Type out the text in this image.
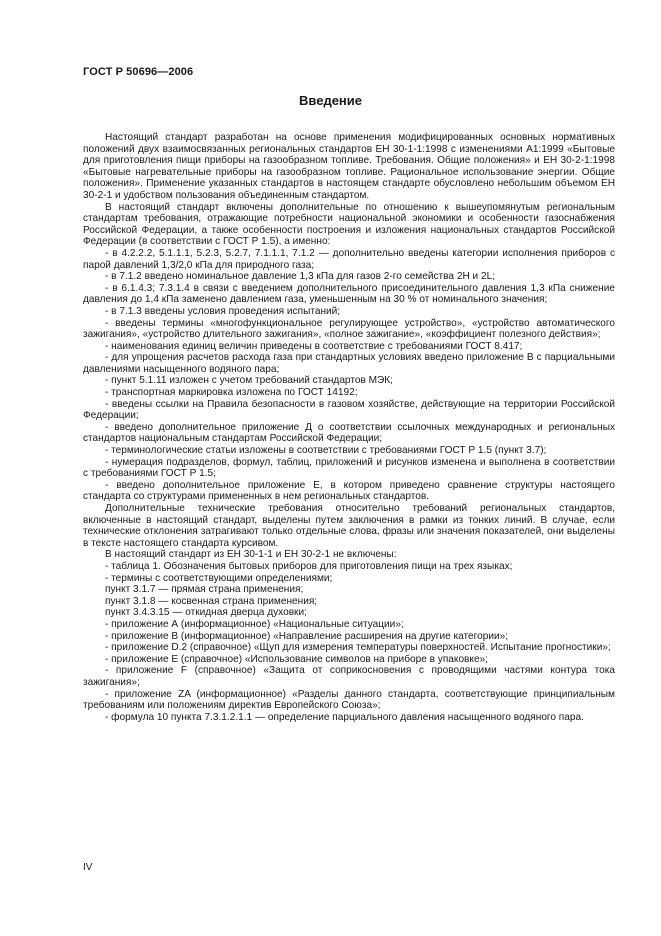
ГОСТ Р 50696—2006
Введение

Настоящий стандарт разработан на основе применения модифицированных основных нормативных положений двух взаимосвязанных региональных стандартов ЕН 30-1-1:1998 с изменениями А1:1999 «Бытовые для приготовления пищи приборы на газообразном топливе. Требования. Общие положения» и ЕН 30-2-1:1998 «Бытовые нагревательные приборы на газообразном топливе. Рациональное использование энергии. Общие положения». Применение указанных стандартов в настоящем стандарте обусловлено небольшим объемом ЕН 30-2-1 и удобством пользования объединенным стандартом.

В настоящий стандарт включены дополнительные по отношению к вышеупомянутым региональным стандартам требования, отражающие потребности национальной экономики и особенности газоснабжения Российской Федерации, а также особенности построения и изложения национальных стандартов Российской Федерации (в соответствии с ГОСТ Р 1.5), а именно:

- в 4.2.2.2, 5.1.1.1, 5.2.3, 5.2.7, 7.1.1.1, 7.1.2 — дополнительно введены категории исполнения приборов с парой давлений 1,3/2,0 кПа для природного газа;

- в 7.1.2 введено номинальное давление 1,3 кПа для газов 2-го семейства 2Н и 2L;

- в 6.1.4.3; 7.3.1.4 в связи с введением дополнительного присоединительного давления 1,3 кПа снижение давления до 1,4 кПа заменено давлением газа, уменьшенным на 30 % от номинального значения;

- в 7.1.3 введены условия проведения испытаний;

- введены термины «многофункциональное регулирующее устройство», «устройство автоматического зажигания», «устройство длительного зажигания», «полное зажигание», «коэффициент полезного действия»;

- наименования единиц величин приведены в соответствие с требованиями ГОСТ 8.417;

- для упрощения расчетов расхода газа при стандартных условиях введено приложение В с парциальными давлениями насыщенного водяного пара;

- пункт 5.1.11 изложен с учетом требований стандартов МЭК;

- транспортная маркировка изложена по ГОСТ 14192;

- введены ссылки на Правила безопасности в газовом хозяйстве, действующие на территории Российской Федерации;

- введено дополнительное приложение Д о соответствии ссылочных международных и региональных стандартов национальным стандартам Российской Федерации;

- терминологические статьи изложены в соответствии с требованиями ГОСТ Р 1.5 (пункт 3.7);

- нумерация подразделов, формул, таблиц, приложений и рисунков изменена и выполнена в соответствии с требованиями ГОСТ Р 1.5;

- введено дополнительное приложение Е, в котором приведено сравнение структуры настоящего стандарта со структурами примененных в нем региональных стандартов.

Дополнительные технические требования относительно требований региональных стандартов, включенные в настоящий стандарт, выделены путем заключения в рамки из тонких линий. В случае, если технические отклонения затрагивают только отдельные слова, фразы или значения показателей, они выделены в тексте настоящего стандарта курсивом.

В настоящий стандарт из ЕН 30-1-1 и ЕН 30-2-1 не включены:

- таблица 1. Обозначения бытовых приборов для приготовления пищи на трех языках;

- термины с соответствующими определениями;

пункт 3.1.7 — прямая страна применения;

пункт 3.1.8 — косвенная страна применения;

пункт 3.4.3.15 — откидная дверца духовки;

- приложение А (информационное) «Национальные ситуации»;

- приложение В (информационное) «Направление расширения на другие категории»;

- приложение D.2 (справочное) «Щуп для измерения температуры поверхностей. Испытание прогностики»;

- приложение Е (справочное) «Использование символов на приборе в упаковке»;

- приложение F (справочное) «Защита от соприкосновения с проводящими частями контура тока зажигания»;

- приложение ZA (информационное) «Разделы данного стандарта, соответствующие принципиальным требованиям или положениям директив Европейского Союза»;

- формула 10 пункта 7.3.1.2.1.1 — определение парциального давления насыщенного водяного пара.

IV
